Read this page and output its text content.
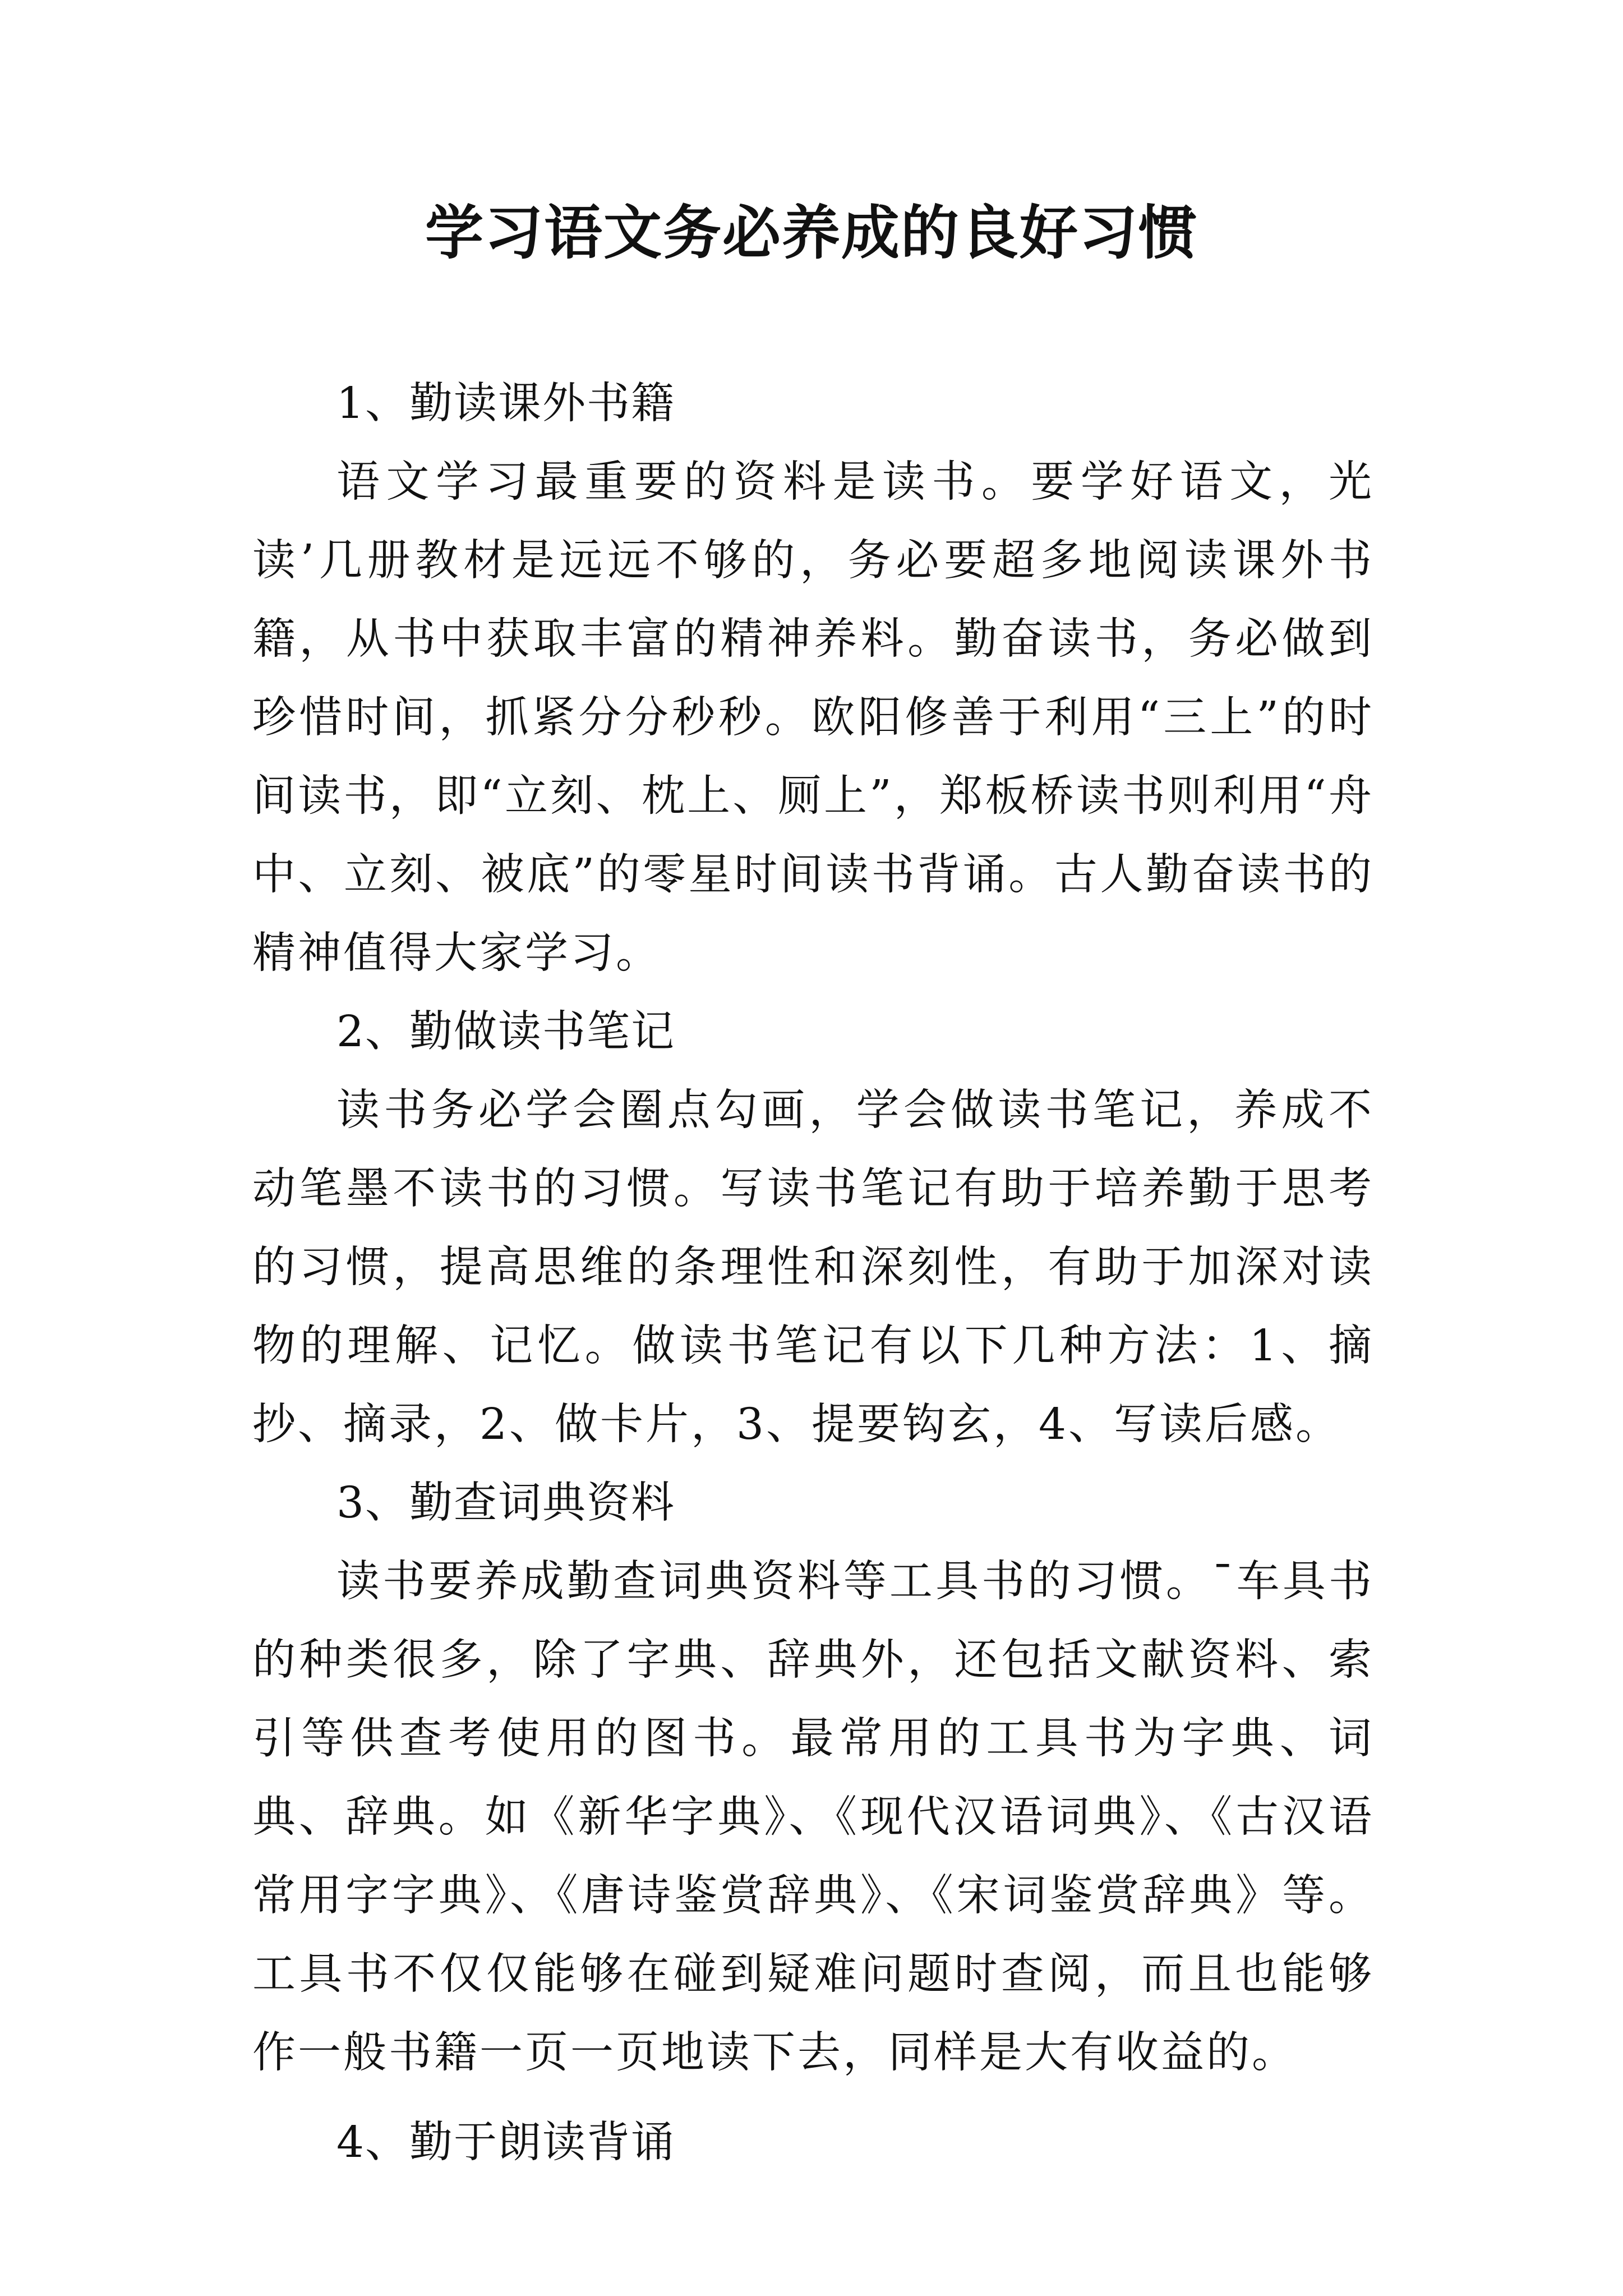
学习语文务必养成的良好习惯

1、勤读课外书籍

语文学习最重要的资料是读书。要学好语文，光读’几册教材是远远不够的，务必要超多地阅读课外书籍，从书中获取丰富的精神养料。勤奋读书，务必做到珍惜时间，抓紧分分秒秒。欧阳修善于利用“三上”的时间读书，即“立刻、枕上、厕上”，郑板桥读书则利用“舟中、立刻、被底”的零星时间读书背诵。古人勤奋读书的精神值得大家学习。

2、勤做读书笔记

读书务必学会圈点勾画，学会做读书笔记，养成不动笔墨不读书的习惯。写读书笔记有助于培养勤于思考的习惯，提高思维的条理性和深刻性，有助于加深对读物的理解、记忆。做读书笔记有以下几种方法：1、摘抄、摘录，2、做卡片，3、提要钩玄，4、写读后感。

3、勤查词典资料

读书要养成勤查词典资料等工具书的习惯。¯车具书的种类很多，除了字典、辞典外，还包括文献资料、索引等供查考使用的图书。最常用的工具书为字典、词典、辞典。如《新华字典》、《现代汉语词典》、《古汉语常用字字典》、《唐诗鉴赏辞典》、《宋词鉴赏辞典》等。工具书不仅仅能够在碰到疑难问题时查阅，而且也能够作一般书籍一页一页地读下去，同样是大有收益的。

4、勤于朗读背诵
